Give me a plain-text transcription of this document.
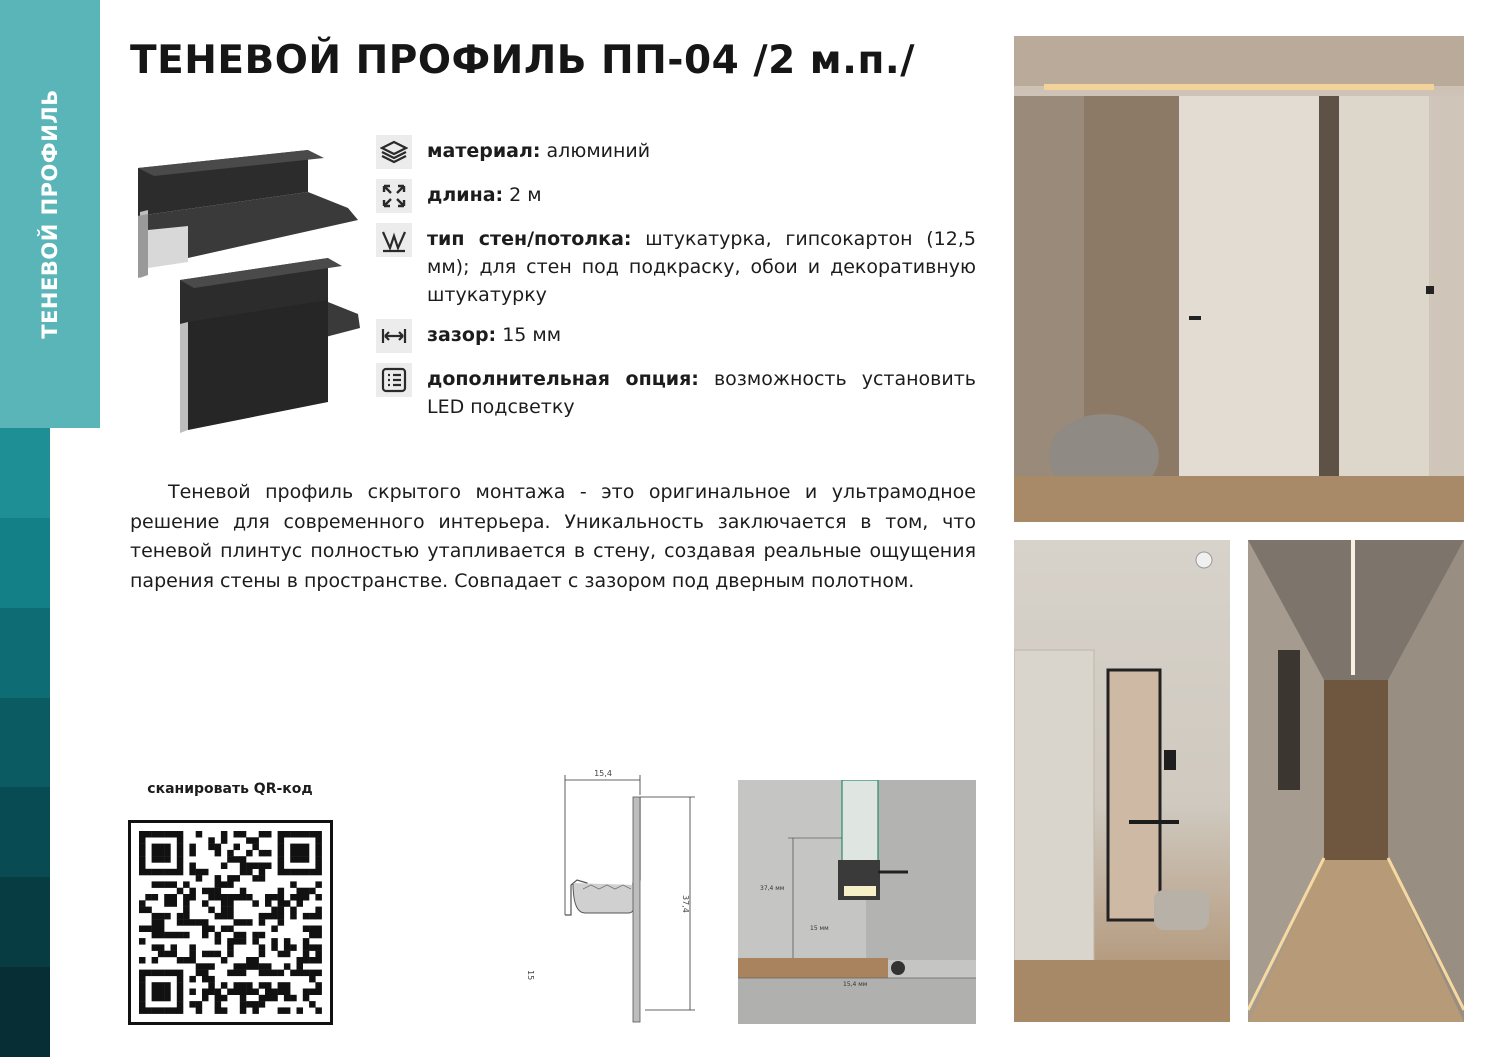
ТЕНЕВОЙ ПРОФИЛЬ
ТЕНЕВОЙ ПРОФИЛЬ ПП-04 /2 м.п./
материал: алюминий
длина: 2 м
тип стен/потолка: штукатурка, гипсокартон (12,5 мм); для стен под подкраску, обои и декоративную штукатурку
зазор: 15 мм
дополнительная опция: возможность установить LED подсветку

Теневой профиль скрытого монтажа - это оригинальное и ультрамодное решение для современного интерьера. Уникальность заключается в том, что теневой плинтус полностью утапливается в стену, создавая реальные ощущения парения стены в пространстве. Совпадает с зазором под дверным полотном.

сканировать QR-код
15,4
37,4
15
37,4 мм
15 мм
15,4 мм
